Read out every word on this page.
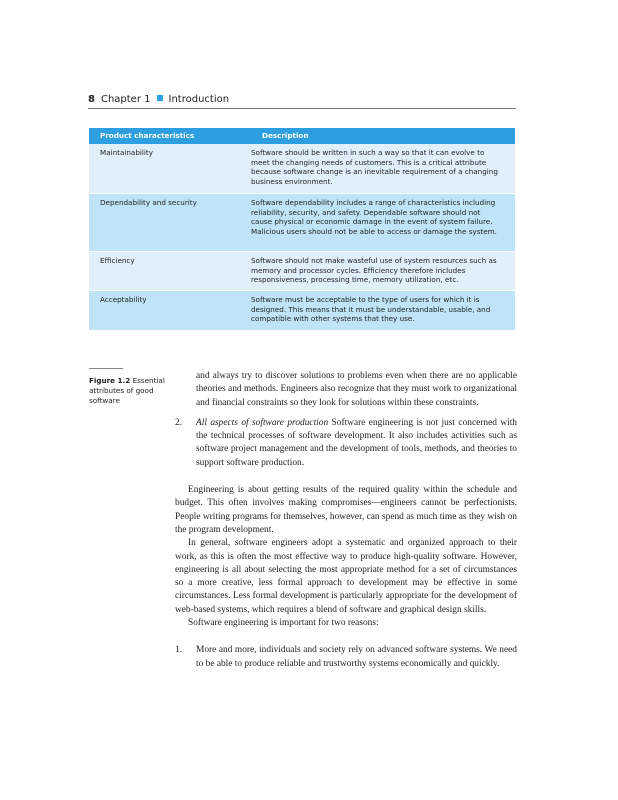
8 Chapter 1 Introduction
Product characteristics	Description
Maintainability	Software should be written in such a way so that it can evolve to meet the changing needs of customers. This is a critical attribute because software change is an inevitable requirement of a changing business environment.
Dependability and security	Software dependability includes a range of characteristics including reliability, security, and safety. Dependable software should not cause physical or economic damage in the event of system failure. Malicious users should not be able to access or damage the system.
Efficiency	Software should not make wasteful use of system resources such as memory and processor cycles. Efficiency therefore includes responsiveness, processing time, memory utilization, etc.
Acceptability	Software must be acceptable to the type of users for which it is designed. This means that it must be understandable, usable, and compatible with other systems that they use.
Figure 1.2 Essential attributes of good software

and always try to discover solutions to problems even when there are no applicable theories and methods. Engineers also recognize that they must work to organizational and financial constraints so they look for solutions within these constraints.

2.	All aspects of software production Software engineering is not just concerned with the technical processes of software development. It also includes activities such as software project management and the development of tools, methods, and theories to support software production.

Engineering is about getting results of the required quality within the schedule and budget. This often involves making compromises—engineers cannot be perfectionists. People writing programs for themselves, however, can spend as much time as they wish on the program development.

In general, software engineers adopt a systematic and organized approach to their work, as this is often the most effective way to produce high-quality software. However, engineering is all about selecting the most appropriate method for a set of circumstances so a more creative, less formal approach to development may be effective in some circumstances. Less formal development is particularly appropriate for the development of web-based systems, which requires a blend of software and graphical design skills.

Software engineering is important for two reasons:

1.	More and more, individuals and society rely on advanced software systems. We need to be able to produce reliable and trustworthy systems economically and quickly.
